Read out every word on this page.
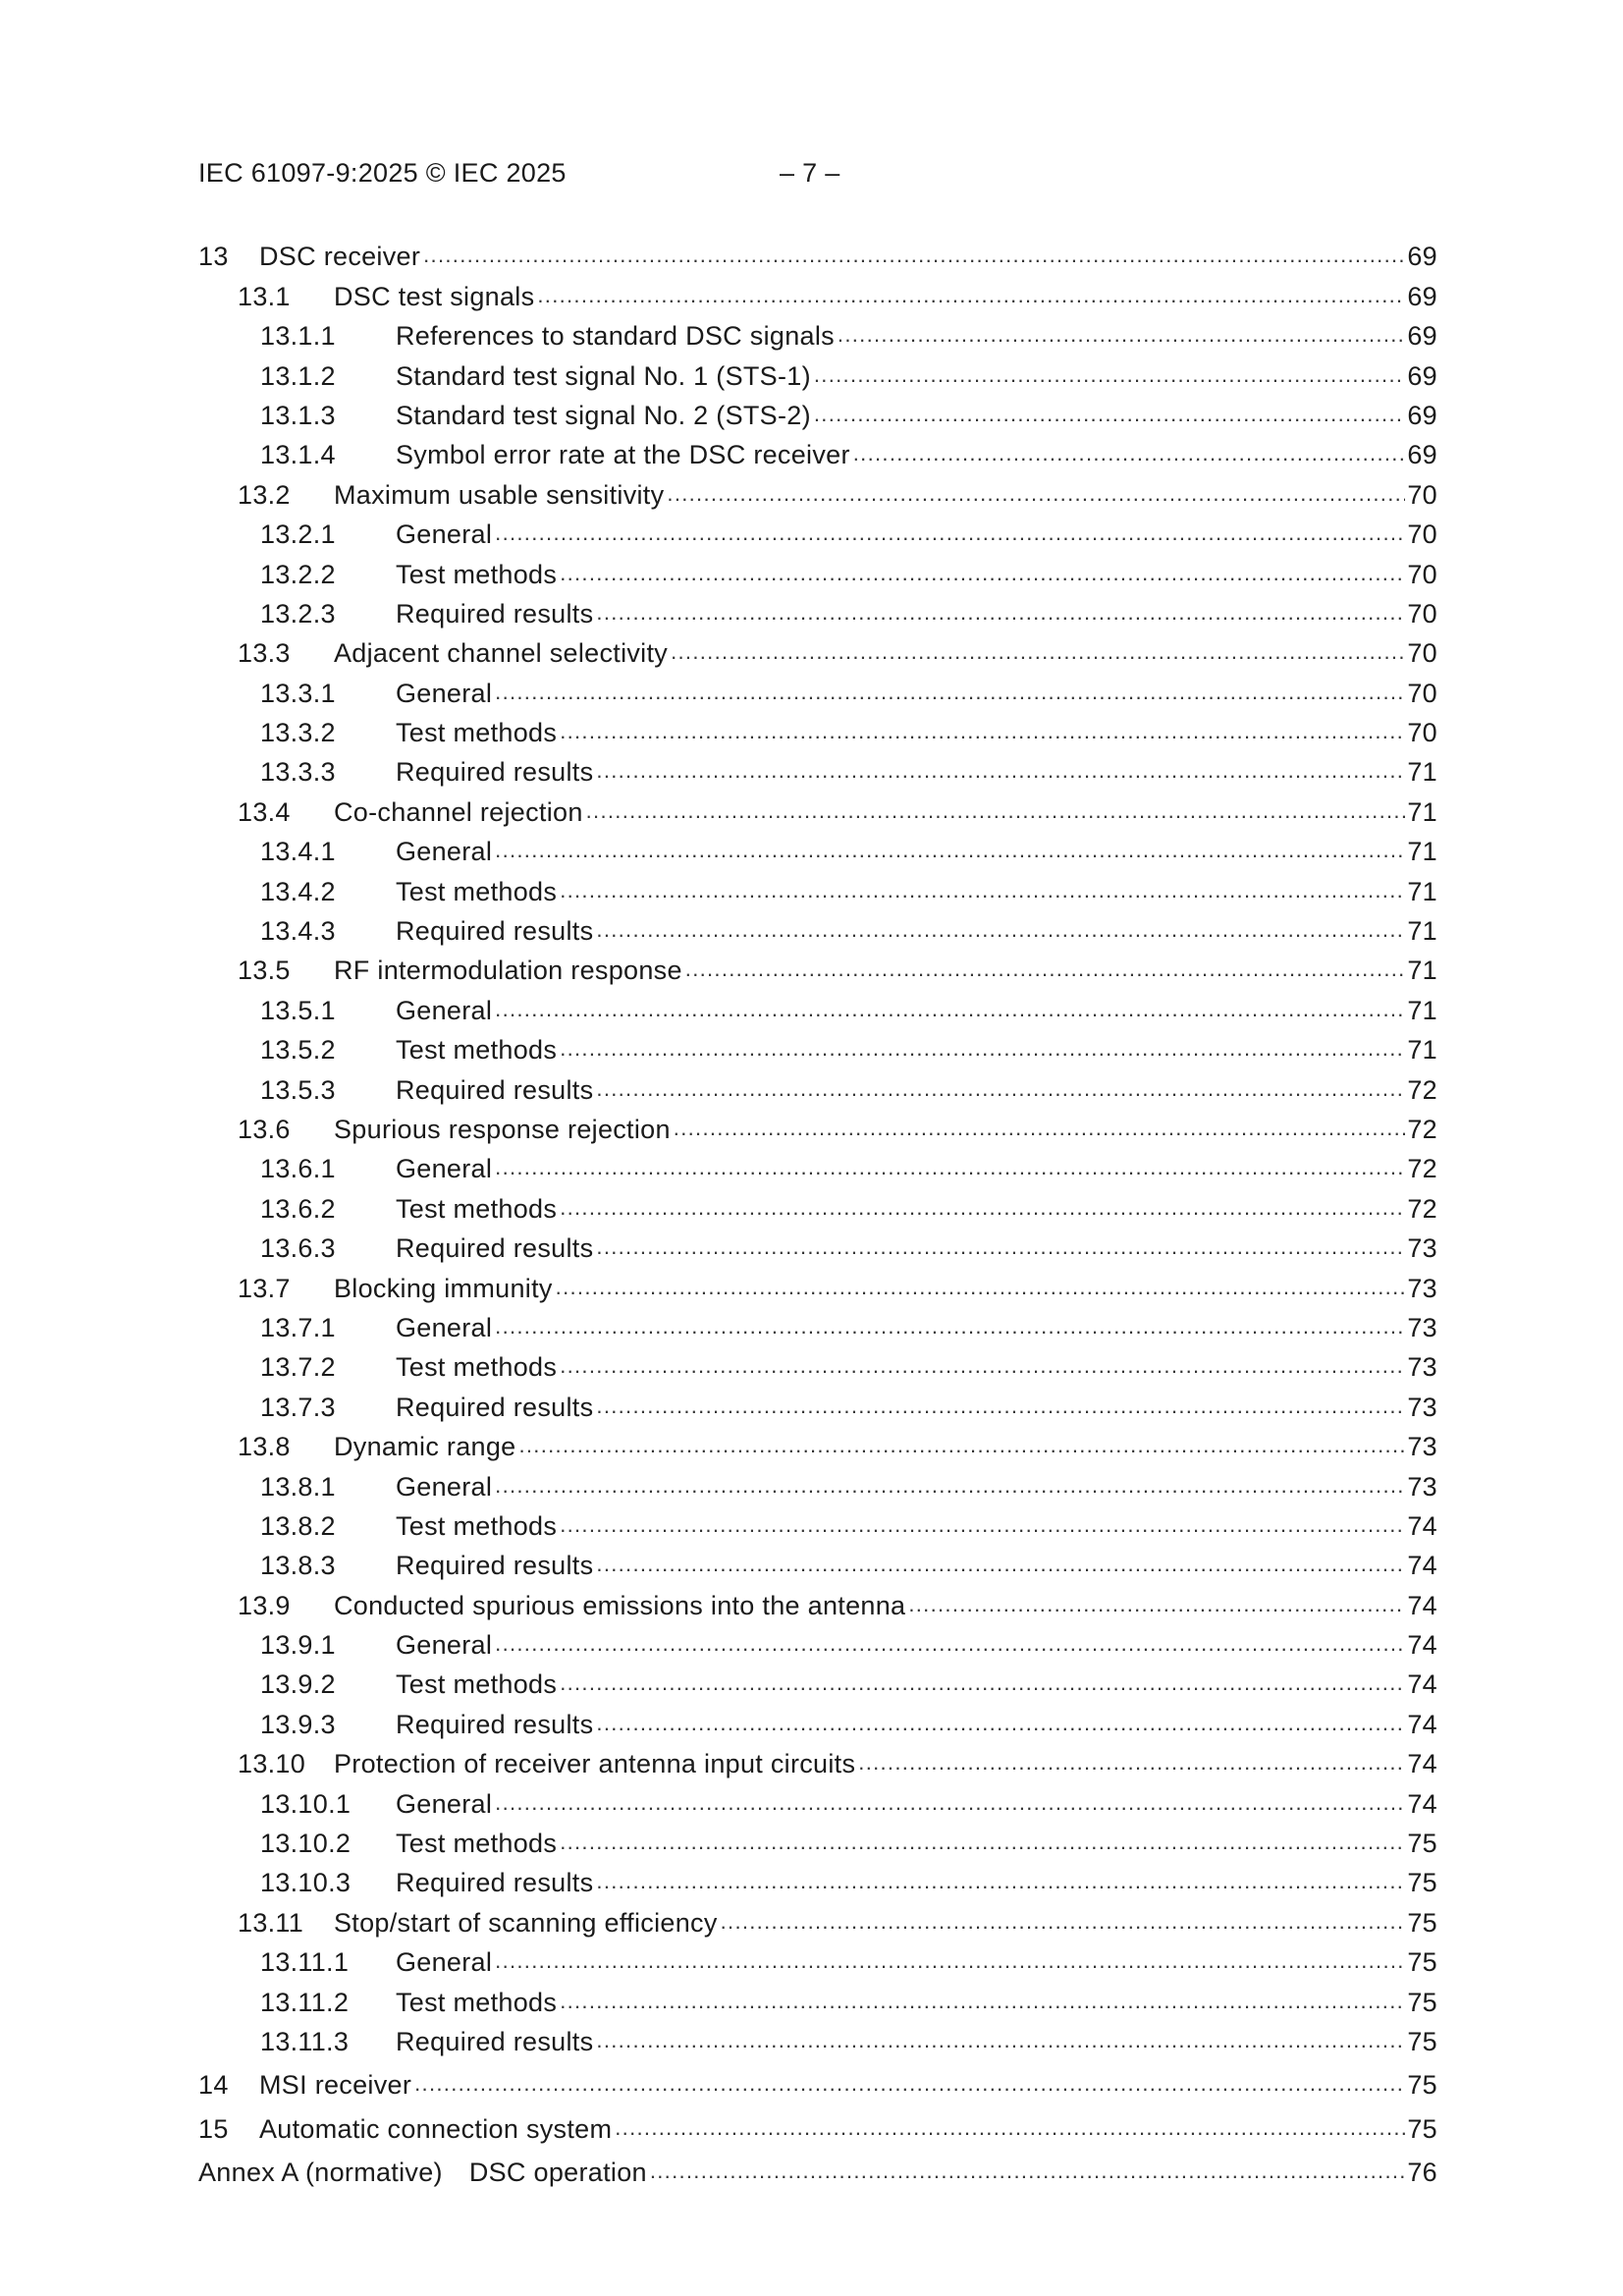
IEC 61097-9:2025 © IEC 2025	– 7 –
13	DSC receiver .....	69
13.1	DSC test signals .....	69
13.1.1	References to standard DSC signals .....	69
13.1.2	Standard test signal No. 1 (STS-1) .....	69
13.1.3	Standard test signal No. 2 (STS-2) .....	69
13.1.4	Symbol error rate at the DSC receiver .....	69
13.2	Maximum usable sensitivity .....	70
13.2.1	General .....	70
13.2.2	Test methods .....	70
13.2.3	Required results .....	70
13.3	Adjacent channel selectivity .....	70
13.3.1	General .....	70
13.3.2	Test methods .....	70
13.3.3	Required results .....	71
13.4	Co-channel rejection .....	71
13.4.1	General .....	71
13.4.2	Test methods .....	71
13.4.3	Required results .....	71
13.5	RF intermodulation response .....	71
13.5.1	General .....	71
13.5.2	Test methods .....	71
13.5.3	Required results .....	72
13.6	Spurious response rejection .....	72
13.6.1	General .....	72
13.6.2	Test methods .....	72
13.6.3	Required results .....	73
13.7	Blocking immunity .....	73
13.7.1	General .....	73
13.7.2	Test methods .....	73
13.7.3	Required results .....	73
13.8	Dynamic range .....	73
13.8.1	General .....	73
13.8.2	Test methods .....	74
13.8.3	Required results .....	74
13.9	Conducted spurious emissions into the antenna .....	74
13.9.1	General .....	74
13.9.2	Test methods .....	74
13.9.3	Required results .....	74
13.10	Protection of receiver antenna input circuits .....	74
13.10.1	General .....	74
13.10.2	Test methods .....	75
13.10.3	Required results .....	75
13.11	Stop/start of scanning efficiency .....	75
13.11.1	General .....	75
13.11.2	Test methods .....	75
13.11.3	Required results .....	75
14	MSI receiver .....	75
15	Automatic connection system .....	75
Annex A (normative)	DSC operation .....	76
